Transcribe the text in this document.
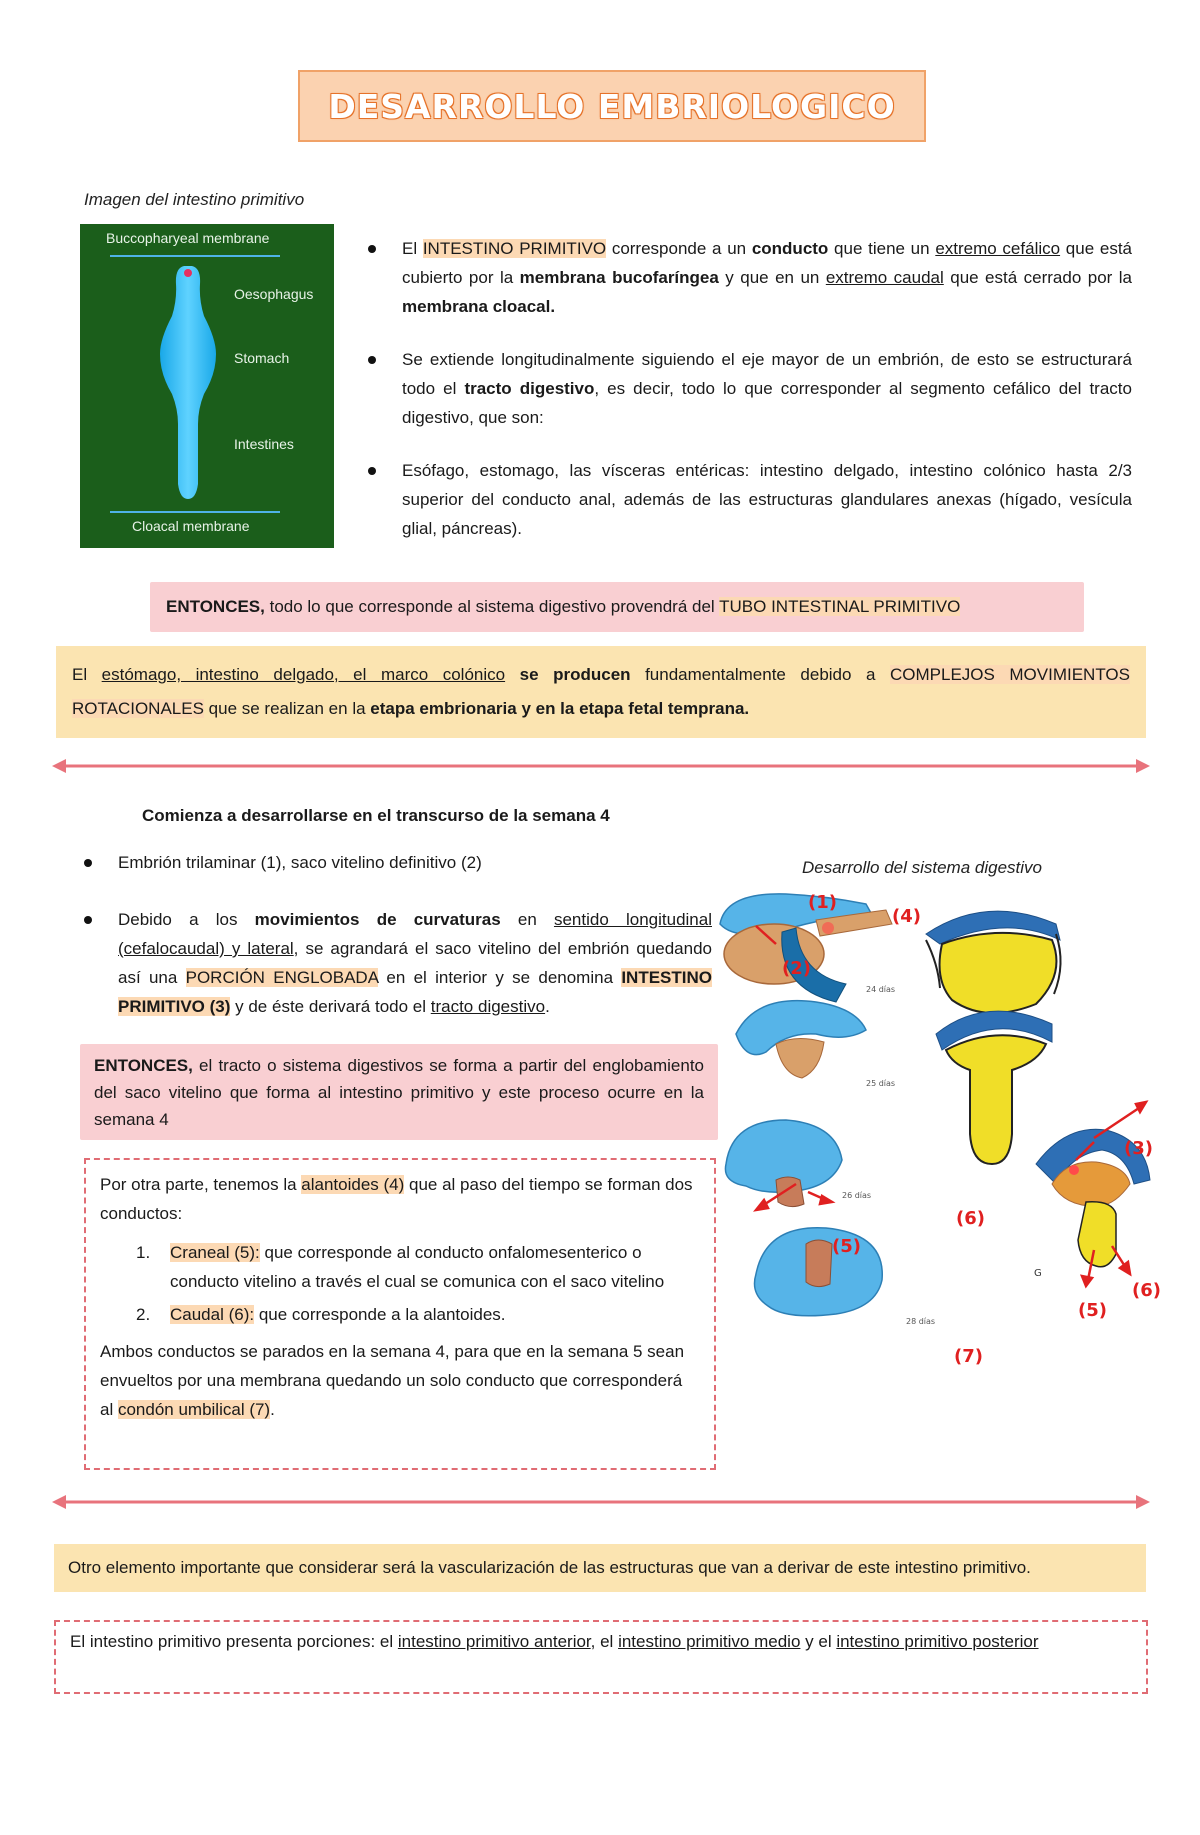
DESARROLLO EMBRIOLOGICO
Imagen del intestino primitivo
Buccopharyeal membrane
Oesophagus
Stomach
Intestines
Cloacal membrane
El INTESTINO PRIMITIVO corresponde a un conducto que tiene un extremo cefálico que está cubierto por la membrana bucofaríngea y que en un extremo caudal que está cerrado por la membrana cloacal.
Se extiende longitudinalmente siguiendo el eje mayor de un embrión, de esto se estructurará todo el tracto digestivo, es decir, todo lo que corresponder al segmento cefálico del tracto digestivo, que son:
Esófago, estomago, las vísceras entéricas: intestino delgado, intestino colónico hasta 2/3 superior del conducto anal, además de las estructuras glandulares anexas (hígado, vesícula glial, páncreas).
ENTONCES, todo lo que corresponde al sistema digestivo provendrá del TUBO INTESTINAL PRIMITIVO
El estómago, intestino delgado, el marco colónico se producen fundamentalmente debido a COMPLEJOS MOVIMIENTOS ROTACIONALES que se realizan en la etapa embrionaria y en la etapa fetal temprana.
Comienza a desarrollarse en el transcurso de la semana 4
Embrión trilaminar (1), saco vitelino definitivo (2)
Debido a los movimientos de curvaturas en sentido longitudinal (cefalocaudal) y lateral, se agrandará el saco vitelino del embrión quedando así una PORCIÓN ENGLOBADA en el interior y se denomina INTESTINO PRIMITIVO (3) y de éste derivará todo el tracto digestivo.
ENTONCES, el tracto o sistema digestivos se forma a partir del englobamiento del saco vitelino que forma al intestino primitivo y este proceso ocurre en la semana 4
Por otra parte, tenemos la alantoides (4) que al paso del tiempo se forman dos conductos:
1. Craneal (5): que corresponde al conducto onfalomesenterico o conducto vitelino a través el cual se comunica con el saco vitelino
2. Caudal (6): que corresponde a la alantoides.
Ambos conductos se parados en la semana 4, para que en la semana 5 sean envueltos por una membrana quedando un solo conducto que corresponderá al condón umbilical (7).
Desarrollo del sistema digestivo
24 días
25 días
26 días
28 días
G
(1)
(4)
(2)
(3)
(6)
(5)
(6)
(5)
(7)
Otro elemento importante que considerar será la vascularización de las estructuras que van a derivar de este intestino primitivo.
El intestino primitivo presenta porciones: el intestino primitivo anterior, el intestino primitivo medio y el intestino primitivo posterior
